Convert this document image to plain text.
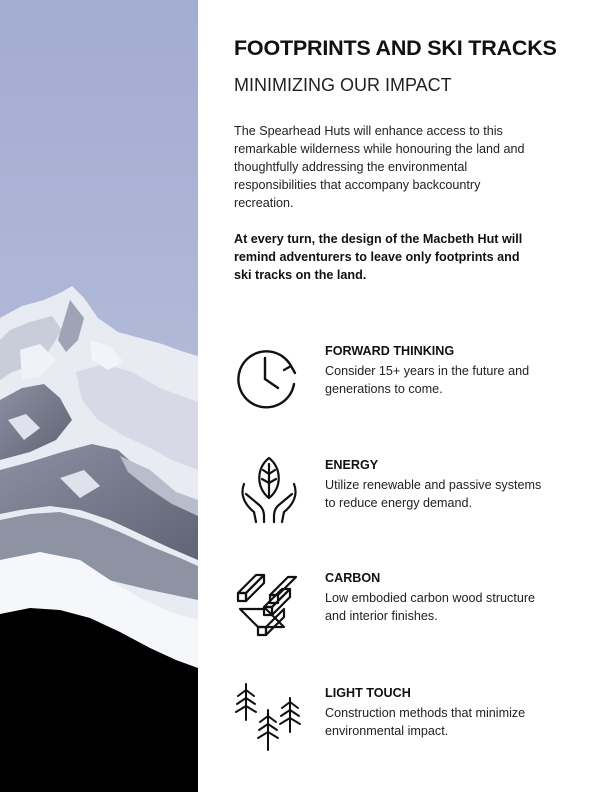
FOOTPRINTS AND SKI TRACKS
MINIMIZING OUR IMPACT

The Spearhead Huts will enhance access to this remarkable wilderness while honouring the land and thoughtfully addressing the environmental responsibilities that accompany backcountry recreation.

At every turn, the design of the Macbeth Hut will remind adventurers to leave only footprints and ski tracks on the land.

FORWARD THINKING

Consider 15+ years in the future and generations to come.

ENERGY

Utilize renewable and passive systems to reduce energy demand.

CARBON

Low embodied carbon wood structure and interior finishes.

LIGHT TOUCH

Construction methods that minimize environmental impact.
